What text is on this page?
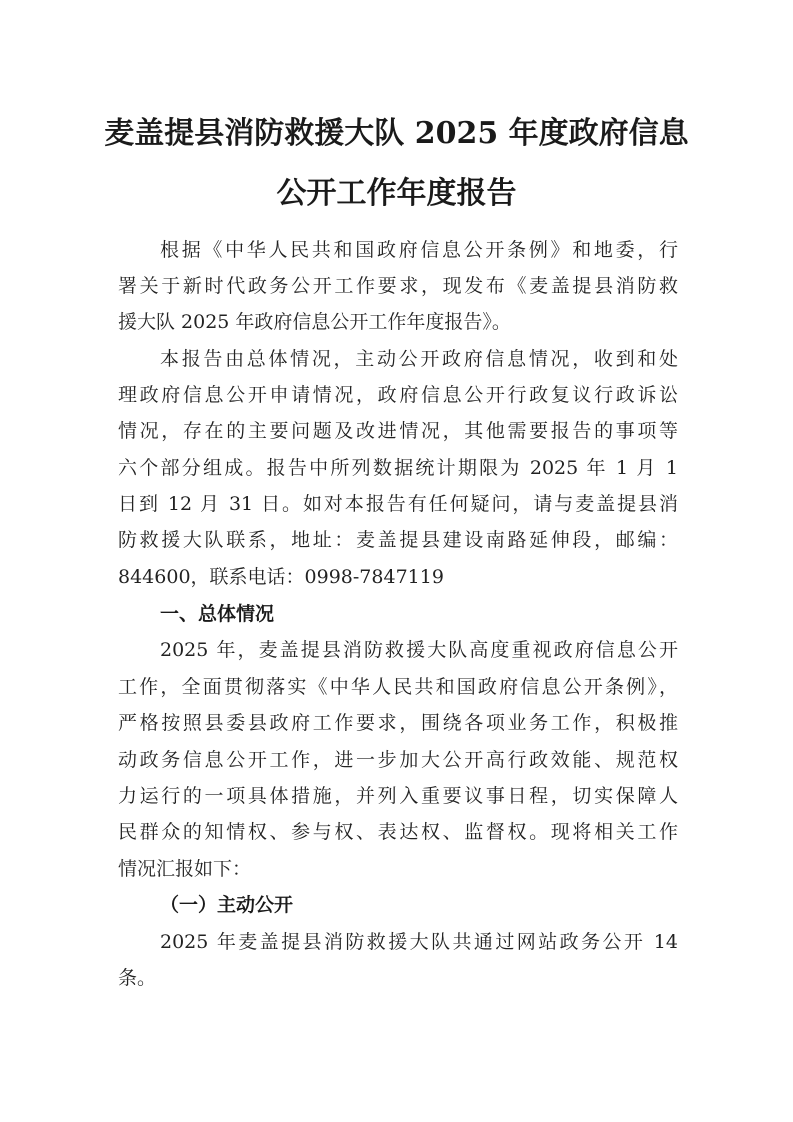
麦盖提县消防救援大队 2025 年度政府信息
公开工作年度报告
根据《中华人民共和国政府信息公开条例》和地委，行
署关于新时代政务公开工作要求，现发布《麦盖提县消防救
援大队 2025 年政府信息公开工作年度报告》。
本报告由总体情况，主动公开政府信息情况，收到和处
理政府信息公开申请情况，政府信息公开行政复议行政诉讼
情况，存在的主要问题及改进情况，其他需要报告的事项等
六个部分组成。报告中所列数据统计期限为 2025 年 1 月 1
日到 12 月 31 日。如对本报告有任何疑问，请与麦盖提县消
防救援大队联系，地址：麦盖提县建设南路延伸段，邮编：
844600，联系电话：0998-7847119
一、总体情况
2025 年，麦盖提县消防救援大队高度重视政府信息公开
工作，全面贯彻落实《中华人民共和国政府信息公开条例》，
严格按照县委县政府工作要求，围绕各项业务工作，积极推
动政务信息公开工作，进一步加大公开高行政效能、规范权
力运行的一项具体措施，并列入重要议事日程，切实保障人
民群众的知情权、参与权、表达权、监督权。现将相关工作
情况汇报如下：
（一）主动公开
2025 年麦盖提县消防救援大队共通过网站政务公开 14
条。
